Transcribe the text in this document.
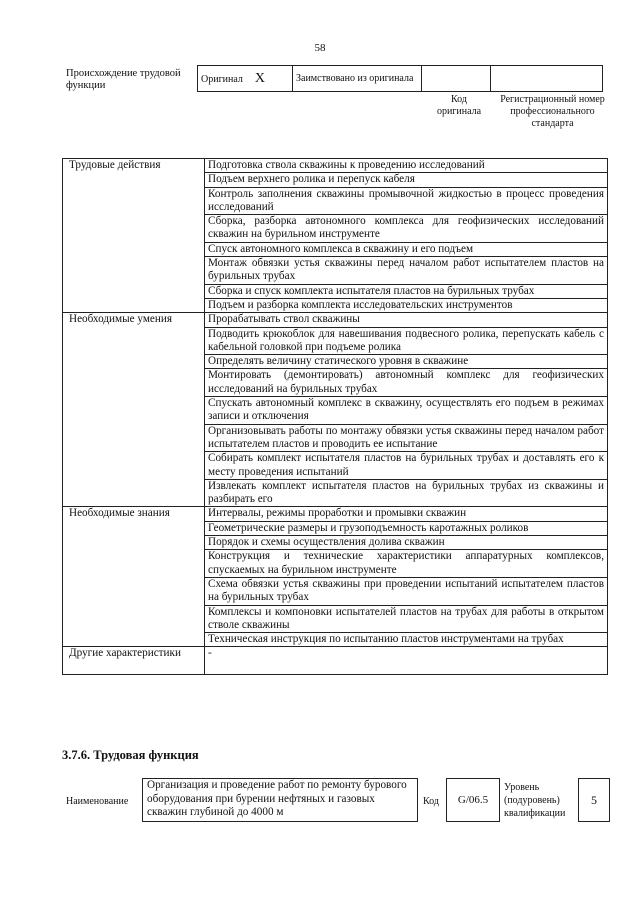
58
Происхождение трудовой функции
Оригинал X	Заимствовано из оригинала		
Код оригинала
Регистрационный номер профессионального стандарта
Трудовые действия	Подготовка ствола скважины к проведению исследований
	Подъем верхнего ролика и перепуск кабеля
	Контроль заполнения скважины промывочной жидкостью в процесс проведения исследований
	Сборка, разборка автономного комплекса для геофизических исследований скважин на бурильном инструменте
	Спуск автономного комплекса в скважину и его подъем
	Монтаж обвязки устья скважины перед началом работ испытателем пластов на бурильных трубах
	Сборка и спуск комплекта испытателя пластов на бурильных трубах
	Подъем и разборка комплекта исследовательских инструментов
Необходимые умения	Прорабатывать ствол скважины
	Подводить крюкоблок для навешивания подвесного ролика, перепускать кабель с кабельной головкой при подъеме ролика
	Определять величину статического уровня в скважине
	Монтировать (демонтировать) автономный комплекс для геофизических исследований на бурильных трубах
	Спускать автономный комплекс в скважину, осуществлять его подъем в режимах записи и отключения
	Организовывать работы по монтажу обвязки устья скважины перед началом работ испытателем пластов и проводить ее испытание
	Собирать комплект испытателя пластов на бурильных трубах и доставлять его к месту проведения испытаний
	Извлекать комплект испытателя пластов на бурильных трубах из скважины и разбирать его
Необходимые знания	Интервалы, режимы проработки и промывки скважин
	Геометрические размеры и грузоподъемность каротажных роликов
	Порядок и схемы осуществления долива скважин
	Конструкция и технические характеристики аппаратурных комплексов, спускаемых на бурильном инструменте
	Схема обвязки устья скважины при проведении испытаний испытателем пластов на бурильных трубах
	Комплексы и компоновки испытателей пластов на трубах для работы в открытом стволе скважины
	Техническая инструкция по испытанию пластов инструментами на трубах
Другие характеристики	-
3.7.6. Трудовая функция
Наименование
Организация и проведение работ по ремонту бурового оборудования при бурении нефтяных и газовых скважин глубиной до 4000 м
Код	G/06.5
Уровень (подуровень) квалификации
5
